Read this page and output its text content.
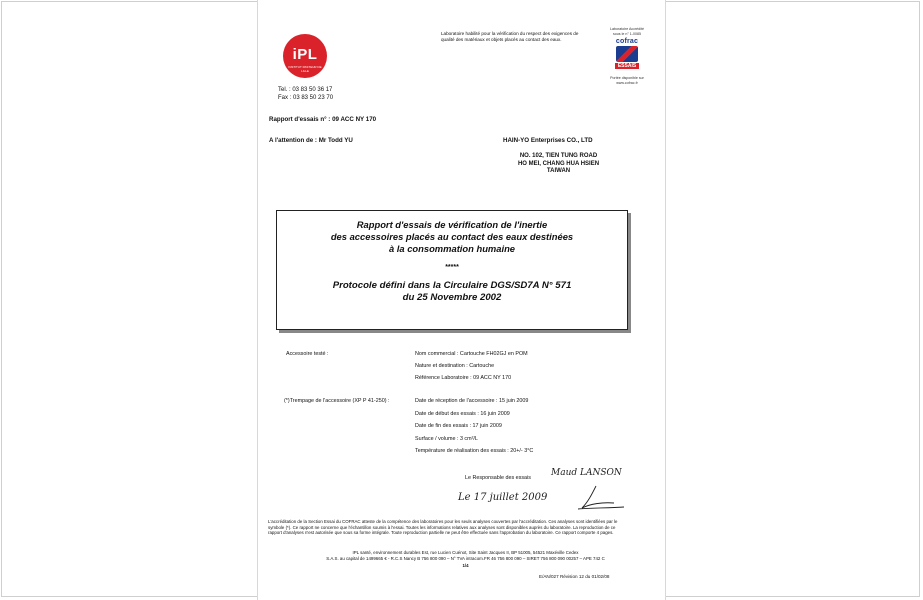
iPL
INSTITUT PASTEUR DE LILLE
Laboratoire habilité pour la vérification du respect des exigences de
qualité des matériaux et objets placés au contact des eaux.
Laboratoire Accrédité
sous le n° 1-0085
cofrac
ESSAIS
Portée disponible sur
www.cofrac.fr
Tel. : 03 83 50 36 17
Fax : 03 83 50 23 70
Rapport d'essais n° : 09 ACC NY 170
A l'attention de : Mr Todd YU	HAIN-YO Enterprises CO., LTD
NO. 102, TIEN TUNG ROAD
HO MEI, CHANG HUA HSIEN
TAIWAN
Rapport d'essais de vérification de l'inertie
des accessoires placés au contact des eaux destinées
à la consommation humaine
*****
Protocole défini dans la Circulaire DGS/SD7A N° 571
du 25 Novembre 2002
Accessoire testé :	Nom commercial : Cartouche FH02GJ en POM
Nature et destination : Cartouche
Référence Laboratoire : 09 ACC NY 170
(*)Trempage de l'accessoire (XP P 41-250) :	Date de réception de l'accessoire : 15 juin 2009
Date de début des essais : 16 juin 2009
Date de fin des essais : 17 juin 2009
Surface / volume : 3 cm²/L
Température de réalisation des essais : 20+/- 3°C
Le Responsable des essais Maud LANSON
Le 17 juillet 2009
L'accréditation de la Section Essai du COFRAC atteste de la compétence des laboratoires pour les seuls analyses couvertes par l'accréditation. Ces analyses sont identifiées par le
symbole (*). Ce rapport ne concerne que l'échantillon soumis à l'essai. Toutes les informations relatives aux analyses sont disponibles auprès du laboratoire. La reproduction de ce
rapport d'analyses n'est autorisée que sous sa forme intégrale. Toute reproduction partielle ne peut être effectuée sans l'approbation du laboratoire. Ce rapport comporte 4 pages.
IPL santé, environnement durables Est, rue Lucien Cuénot, Site Saint Jacques II, BP 51005, 54521 Maxéville Cedex
S.A.S. au capital de 1499665 € - R.C.S Nancy B 756 800 090 – N° TVA intracom.FR 46 756 800 090 – SIRET 756 800 090 00257 – APE 742 C
1/4
E/AN/027 Révision 12 du 01/02/08
